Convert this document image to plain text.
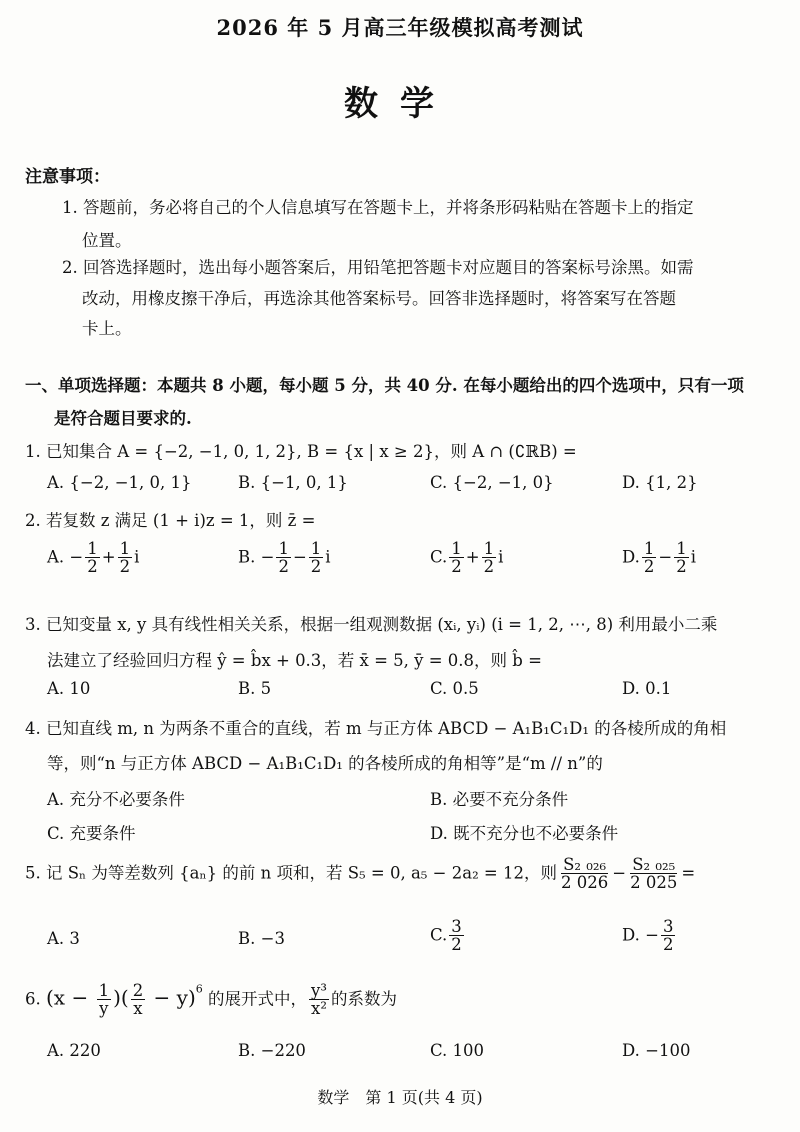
2026 年 5 月高三年级模拟高考测试
数学
注意事项：
1. 答题前，务必将自己的个人信息填写在答题卡上，并将条形码粘贴在答题卡上的指定
位置。
2. 回答选择题时，选出每小题答案后，用铅笔把答题卡对应题目的答案标号涂黑。如需
改动，用橡皮擦干净后，再选涂其他答案标号。回答非选择题时，将答案写在答题
卡上。
一、单项选择题：本题共 8 小题，每小题 5 分，共 40 分. 在每小题给出的四个选项中，只有一项
是符合题目要求的.
1. 已知集合 A = {−2, −1, 0, 1, 2}, B = {x | x ≥ 2}，则 A ∩ (∁ℝB) =
A. {−2, −1, 0, 1}	B. {−1, 0, 1}	C. {−2, −1, 0}	D. {1, 2}
2. 若复数 z 满足 (1 + i)z = 1，则 z̄ =
A. − $\frac{1}{2} + \frac{1}{2}$ i	B. − $\frac{1}{2} - \frac{1}{2}$ i	C. $\frac{1}{2} + \frac{1}{2}$ i	D. $\frac{1}{2} - \frac{1}{2}$ i
3. 已知变量 x, y 具有线性相关关系，根据一组观测数据 (xᵢ, yᵢ) (i = 1, 2, ⋯, 8) 利用最小二乘
法建立了经验回归方程 ŷ = b̂x + 0.3，若 x̄ = 5, ȳ = 0.8，则 b̂ =
A. 10	B. 5	C. 0.5	D. 0.1
4. 已知直线 m, n 为两条不重合的直线，若 m 与正方体 ABCD − A₁B₁C₁D₁ 的各棱所成的角相
等，则“n 与正方体 ABCD − A₁B₁C₁D₁ 的各棱所成的角相等”是“m // n”的
A. 充分不必要条件	B. 必要不充分条件
C. 充要条件	D. 既不充分也不必要条件
5. 记 Sₙ 为等差数列 {aₙ} 的前 n 项和，若 S₅ = 0, a₅ − 2a₂ = 12，则 $\frac{\text{S₂ ₀₂₆}}{2 026} - \frac{\text{S₂ ₀₂₅}}{2 025}$ =
A. 3	B. −3	C. $\frac{3}{2}$	D. − $\frac{3}{2}$
6. ($x - \frac{1}{y}$ )( $\frac{2}{x} - y)^6$ 的展开式中， $\frac{\text{y³}}{\text{x²}}$ 的系数为
A. 220	B. −220	C. 100	D. −100
数学　第 1 页(共 4 页)
